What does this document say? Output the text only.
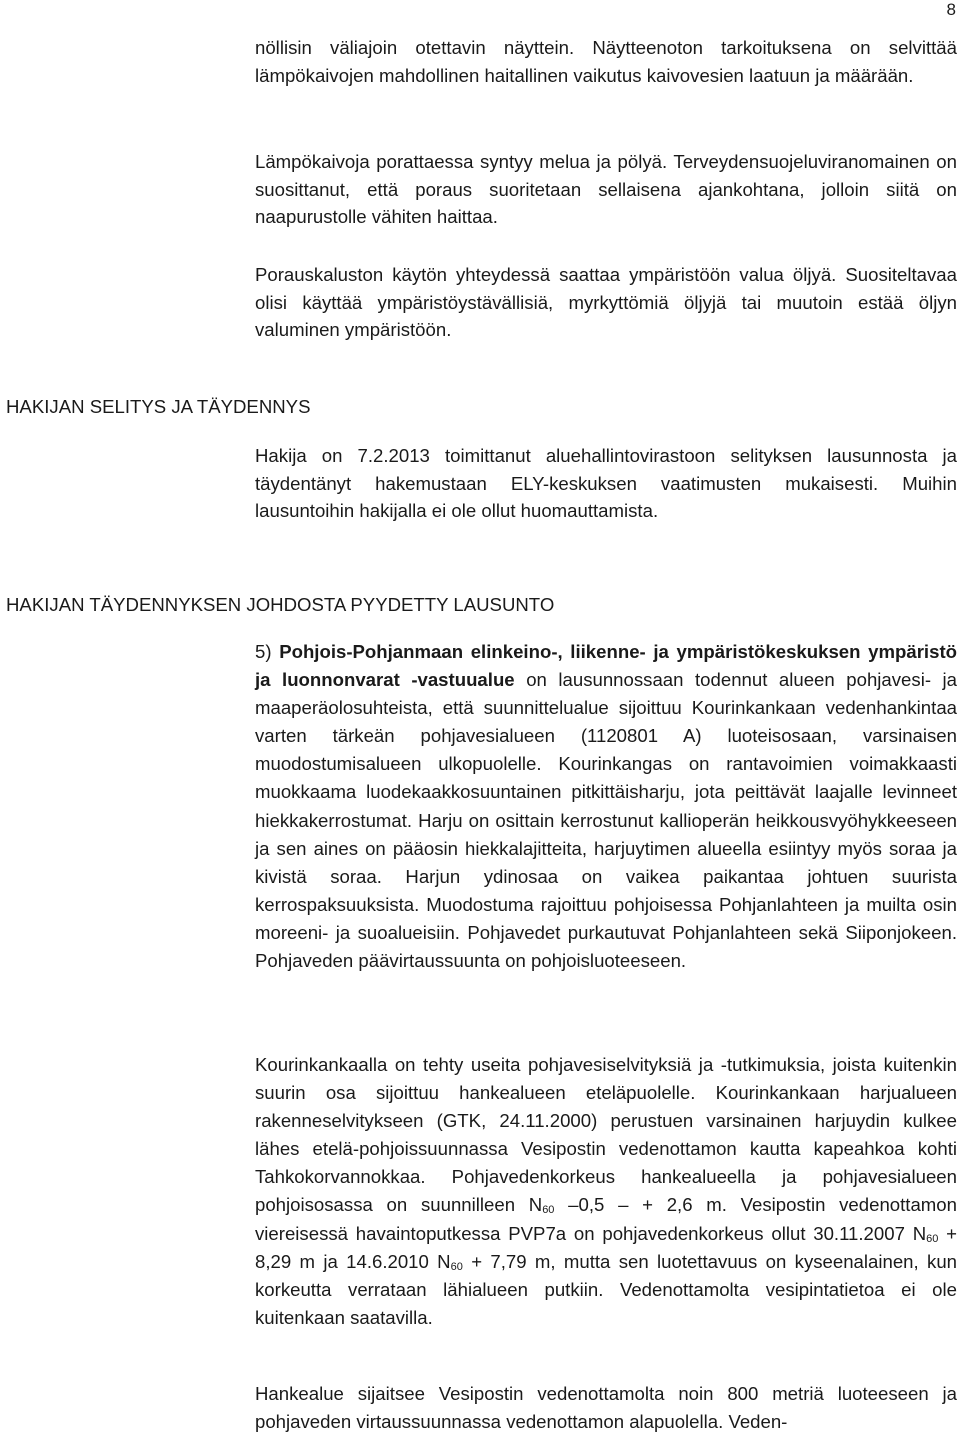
8
nöllisin väliajoin otettavin näyttein. Näytteenoton tarkoituksena on selvittää lämpökaivojen mahdollinen haitallinen vaikutus kaivovesien laatuun ja määrään.
Lämpökaivoja porattaessa syntyy melua ja pölyä. Terveydensuojeluviranomainen on suosittanut, että poraus suoritetaan sellaisena ajankohtana, jolloin siitä on naapurustolle vähiten haittaa.
Porauskaluston käytön yhteydessä saattaa ympäristöön valua öljyä. Suositeltavaa olisi käyttää ympäristöystävällisiä, myrkyttömiä öljyjä tai muutoin estää öljyn valuminen ympäristöön.
HAKIJAN SELITYS JA TÄYDENNYS
Hakija on 7.2.2013 toimittanut aluehallintovirastoon selityksen lausunnosta ja täydentänyt hakemustaan ELY-keskuksen vaatimusten mukaisesti. Muihin lausuntoihin hakijalla ei ole ollut huomauttamista.
HAKIJAN TÄYDENNYKSEN JOHDOSTA PYYDETTY LAUSUNTO
5) Pohjois-Pohjanmaan elinkeino-, liikenne- ja ympäristökeskuksen ympäristö ja luonnonvarat -vastuualue on lausunnossaan todennut alueen pohjavesi- ja maaperäolosuhteista, että suunnittelualue sijoittuu Kourinkankaan vedenhankintaa varten tärkeän pohjavesialueen (1120801 A) luoteisosaan, varsinaisen muodostumisalueen ulkopuolelle. Kourinkangas on rantavoimien voimakkaasti muokkaama luodekaakkosuuntainen pitkittäisharju, jota peittävät laajalle levinneet hiekkakerrostumat. Harju on osittain kerrostunut kallioperän heikkousvyöhykkeeseen ja sen aines on pääosin hiekkalajitteita, harjuytimen alueella esiintyy myös soraa ja kivistä soraa. Harjun ydinosaa on vaikea paikantaa johtuen suurista kerrospaksuuksista. Muodostuma rajoittuu pohjoisessa Pohjanlahteen ja muilta osin moreeni- ja suoalueisiin. Pohjavedet purkautuvat Pohjanlahteen sekä Siiponjokeen. Pohjaveden päävirtaussuunta on pohjoisluoteeseen.
Kourinkankaalla on tehty useita pohjavesiselvityksiä ja -tutkimuksia, joista kuitenkin suurin osa sijoittuu hankealueen eteläpuolelle. Kourinkankaan harjualueen rakenneselvitykseen (GTK, 24.11.2000) perustuen varsinainen harjuydin kulkee lähes etelä-pohjoissuunnassa Vesipostin vedenottamon kautta kapeahkoa kohti Tahkokorvannokkaa. Pohjavedenkorkeus hankealueella ja pohjavesialueen pohjoisosassa on suunnilleen $N_{60}$ –0,5 – + 2,6 m. Vesipostin vedenottamon viereisessä havaintoputkessa PVP7a on pohjavedenkorkeus ollut 30.11.2007 $N_{60} + 8,29$ m ja 14.6.2010 $N_{60} + 7,79$ m, mutta sen luotettavuus on kyseenalainen, kun korkeutta verrataan lähialueen putkiin. Vedenottamolta vesipintatietoa ei ole kuitenkaan saatavilla.
Hankealue sijaitsee Vesipostin vedenottamolta noin 800 metriä luoteeseen ja pohjaveden virtaussuunnassa vedenottamon alapuolella. Veden-
